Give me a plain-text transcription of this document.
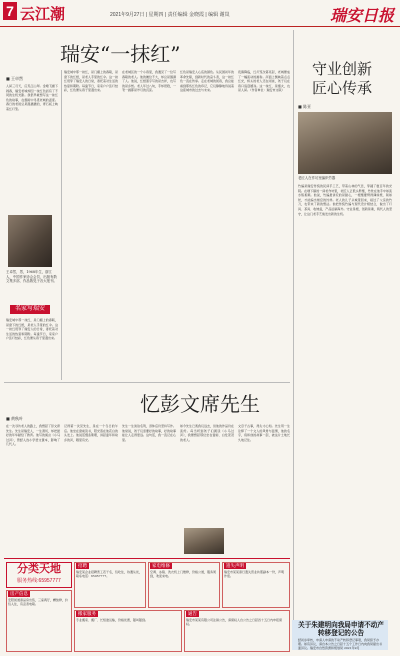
7 云江潮	2021年9月27日 | 星期四 | 责任编辑 金晓霞 | 编辑 谢岚	瑞安日报
瑞安“一抹红”
■ 王卓然
人间三月天，应见江山翠。金塘飞檐下闹春，瑞安老城却因一抹红色而有了不同的生机光影。我很早就想写这一抹红色的故事，在烟雨中寻觅老城的温度。春日的老街总是湿漉漉的，青石板上映着红灯笼。
王卓然，男，1968年生，浙江人，中国作家协会会员，出版有散文集多部，作品散见于各大报刊。
名家写瑞安
瑞安城中那一抹红，是门楣上的春联，是窗下的红纸，是老人手里的红伞。这一抹红贯穿了瑞安人的日常，寄托着对生活的热爱和期盼。每逢节日，家家户户张灯结彩，红色便从巷子里漫出来。
瑞安城中那一抹红，是门楣上的春联，是窗下的红纸，是老人手里的红伞。这一抹红贯穿了瑞安人的日常，寄托着对生活的热爱和期盼。每逢节日，家家户户张灯结彩，红色便从巷子里漫出来。
在老城区的一个小巷里，我遇见了一位写春联的老人。他的摊位不大，却总是围满了人。他说，红纸黑字写的是吉祥，也写的是乡愁。老人年过八旬，手却很稳，一笔一画都是岁月的沉淀。
红色是瑞安人心底的颜色。从民国初年的革命先驱，到新时代的奋斗者，这一抹红色一直在传承。走在老城的街巷，我总能看到那些红色的印记，它们静静地诉说着这座城市的过去与未来。
夜幕降临，红灯笼次第亮起，老城便成了一幅流动的画卷。河面上倒映着点点红光，桥头的老人还在闲谈，孩子们在巷口追逐嬉戏。这一抹红，是烟火，也是人间。（作者单位：瑞安市文联）
守业创新
匠心传承
■ 陈亚
老匠人在作坊里编织竹器
竹编是瑞安传统的民间手工艺，带着山林的气息，穿越了数百年的光阴。在塘下镇的一间老作坊里，老匠人正低头劈篾，竹丝在他手中如流水般柔顺。他说，竹编最讲究的是耐心，一根篾要劈得薄如纸、韧如丝，才能编出细密的纹样。老人的儿子从城里回来，接过了父亲的竹刀，也带来了新的想法。他把传统竹编与现代设计相结合，做出了灯具、茶具、收纳盒，产品远销海外。守业是根，创新是魂，两代人的坚守，让这门老手艺焕发出新的生机。
忆彭文席先生
■ 黄秋叶
在一次寻访老人的路上，我想起了彭文席先生。先生是瑞安人，一生清贫，却把最好的年华献给了教育。他写的寓言《小马过河》，曾经入选小学语文课本，影响了几代人。
记得第一次见先生，是在一个冬日的午后。他坐在窗前读书，阳光落在他花白的头发上。他说话慢条斯理，讲起童年和故乡的河，眼里有光。
先生一生淡泊名利，退休后仍坚持写作。他常说，孩子们需要好的故事，好的故事能让人走得更远。这句话，我一直记在心里。
如今先生已离我们远去，但他的作品仍在流传。每当听到孩子们朗读《小马过河》，我便想起那位坐在窗前、白发苍苍的老人。
文章千古事，得失寸心知。先生用一生诠释了一个文人的风骨与温情，他的名字，将和他的故事一起，被这片土地长久地记住。
分类天地
服务热线:65957777
招聘
瑞安某企业招聘普工若干名，包吃住，待遇从优，联系电话：65957777。
家电维修
空调、冰箱、洗衣机上门维修，价格公道，服务周到，欢迎来电。
遗失声明
瑞安市某某商行遗失营业执照副本一份，声明作废。
房产信息
安阳街道商品房出售，三室两厅，精装修，拎包入住，有意者电联。
搬家服务
专业搬家、搬厂、长短途运输，价格优惠，随叫随到。
通告
瑞安市某某有限公司注销公告，请债权人自公告之日起四十五日内申报债权。	关于朱建明向我局申请不动产转移登记的公告
经初步审核，申请人申请的不动产转移登记事项，我局拟予办理。如有异议，请自本公告之日起十五个工作日内向我局提出书面异议。瑞安市自然资源和规划局 2021年9月
